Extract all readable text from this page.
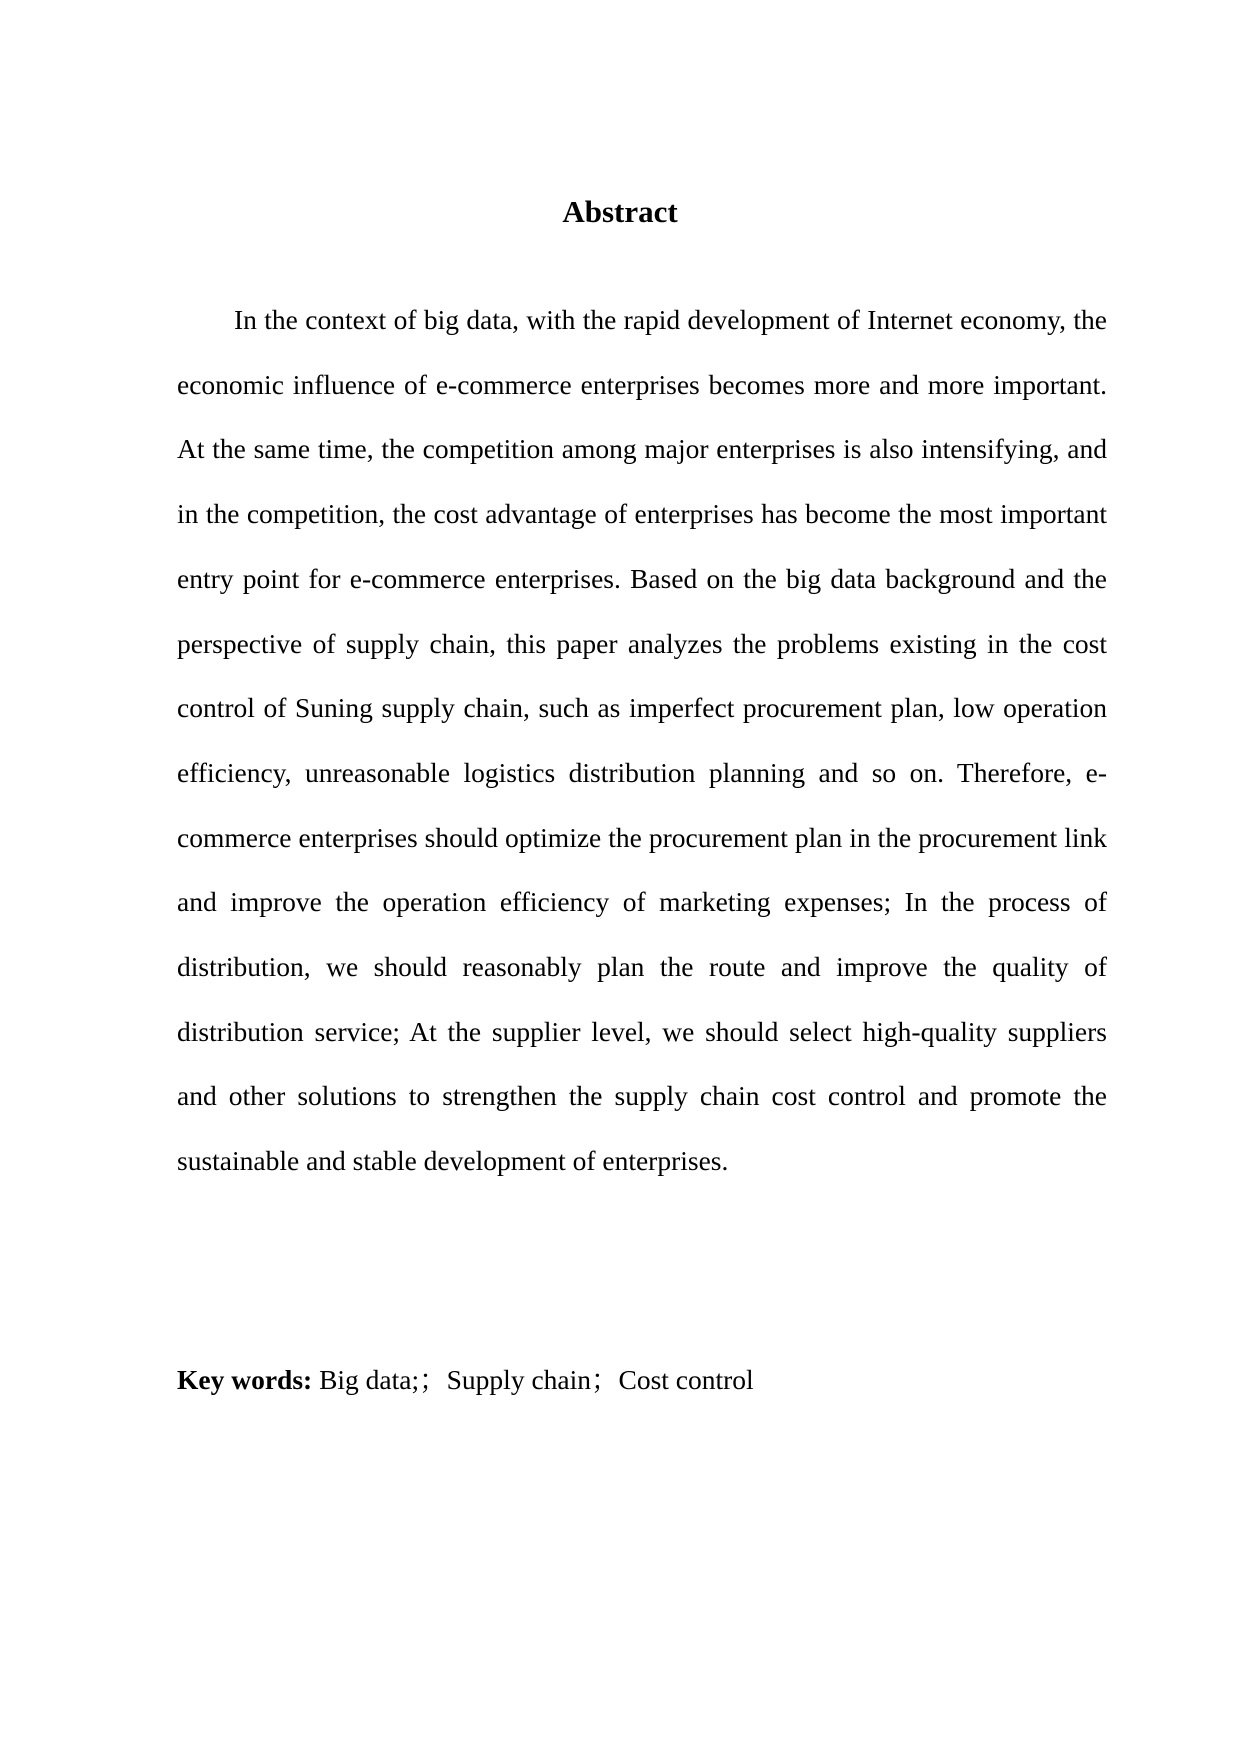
Abstract

In the context of big data, with the rapid development of Internet economy, the economic influence of e-commerce enterprises becomes more and more important. At the same time, the competition among major enterprises is also intensifying, and in the competition, the cost advantage of enterprises has become the most important entry point for e-commerce enterprises. Based on the big data background and the perspective of supply chain, this paper analyzes the problems existing in the cost control of Suning supply chain, such as imperfect procurement plan, low operation efficiency, unreasonable logistics distribution planning and so on. Therefore, e-commerce enterprises should optimize the procurement plan in the procurement link and improve the operation efficiency of marketing expenses; In the process of distribution, we should reasonably plan the route and improve the quality of distribution service; At the supplier level, we should select high-quality suppliers and other solutions to strengthen the supply chain cost control and promote the sustainable and stable development of enterprises.

Key words: Big data;；Supply chain；Cost control
